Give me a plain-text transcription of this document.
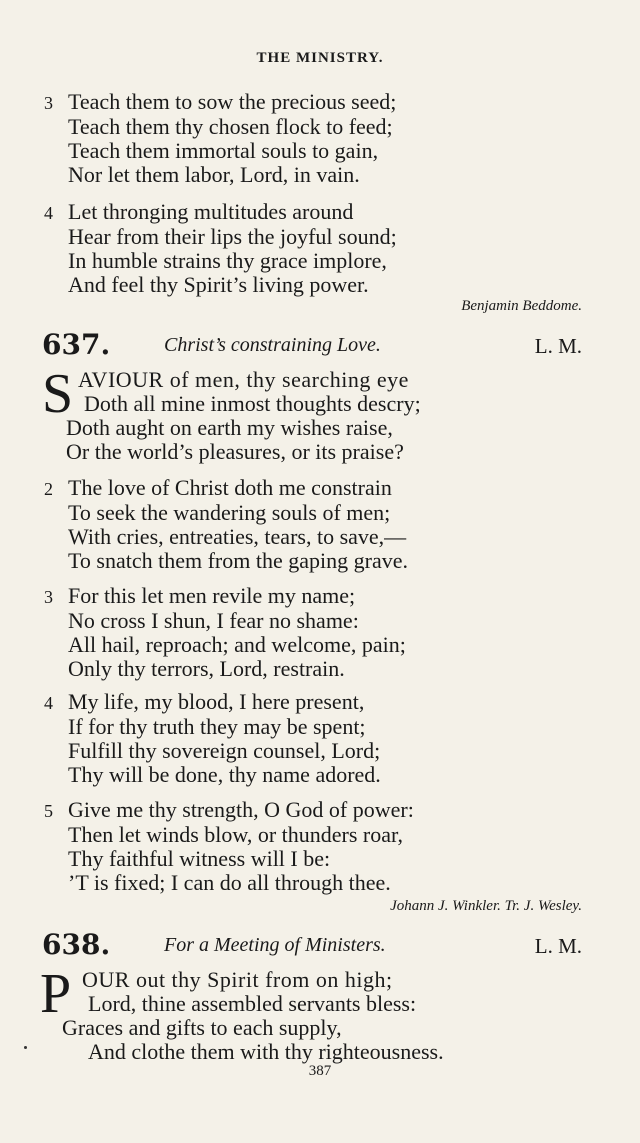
THE MINISTRY.
3 Teach them to sow the precious seed;
Teach them thy chosen flock to feed;
Teach them immortal souls to gain,
Nor let them labor, Lord, in vain.
4 Let thronging multitudes around
Hear from their lips the joyful sound;
In humble strains thy grace implore,
And feel thy Spirit’s living power.
Benjamin Beddome.
637.	Christ’s constraining Love.	L. M.
S AVIOUR of men, thy searching eye
Doth all mine inmost thoughts descry;
Doth aught on earth my wishes raise,
Or the world’s pleasures, or its praise?
2 The love of Christ doth me constrain
To seek the wandering souls of men;
With cries, entreaties, tears, to save,—
To snatch them from the gaping grave.
3 For this let men revile my name;
No cross I shun, I fear no shame:
All hail, reproach; and welcome, pain;
Only thy terrors, Lord, restrain.
4 My life, my blood, I here present,
If for thy truth they may be spent;
Fulfill thy sovereign counsel, Lord;
Thy will be done, thy name adored.
5 Give me thy strength, O God of power:
Then let winds blow, or thunders roar,
Thy faithful witness will I be:
’T is fixed; I can do all through thee.
Johann J. Winkler. Tr. J. Wesley.
638.	For a Meeting of Ministers.	L. M.
P OUR out thy Spirit from on high;
Lord, thine assembled servants bless:
Graces and gifts to each supply,
And clothe them with thy righteousness.
387
